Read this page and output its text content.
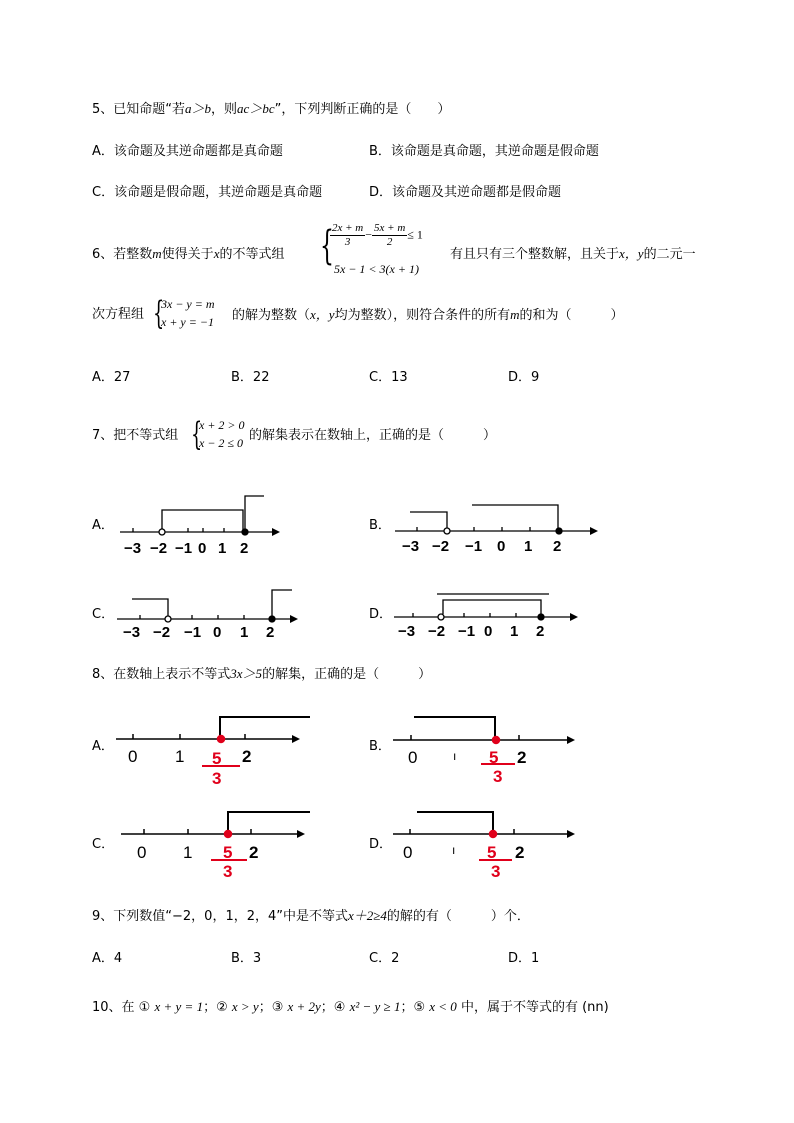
5、已知命题“若a＞b，则ac＞bc”，下列判断正确的是（　　）
A．该命题及其逆命题都是真命题	B．该命题是真命题，其逆命题是假命题
C．该命题是假命题，其逆命题是真命题	D．该命题及其逆命题都是假命题
6、若整数m使得关于x的不等式组 {
$\frac{2x + m}{3} - \frac{5x + m}{2} \le 1$
5x − 1 < 3(x + 1)
有且只有三个整数解，且关于x，y的二元一
次方程组 {
3x − y = m
x + y = −1 的解为整数（x，y均为整数），则符合条件的所有m的和为（　　　）
A．27	B．22	C．13	D．9
7、把不等式组 {
x + 2 > 0
x − 2 ≤ 0 的解集表示在数轴上，正确的是（　　　）
A．	B．
C．	D．
−3 −2 −1 0 1 2	−3 −2 −1 0 1 2
−3 −2 −1 0 1 2	−3 −2 −1 0 1 2
0 1 5
3
2	0	ı 5
3
2
0 1 5
3
2	0	ı 5
3
2
8、在数轴上表示不等式3x＞5的解集，正确的是（　　　）
A．	B．
C．	D．
9、下列数值“−2，0，1，2，4”中是不等式x＋2≥4的解的有（　　　）个．
A．4	B．3	C．2	D．1
10、在 ① x + y = 1；② x > y；③ x + 2y；④ x² − y ≥ 1；⑤ x < 0 中，属于不等式的有 (nn)
